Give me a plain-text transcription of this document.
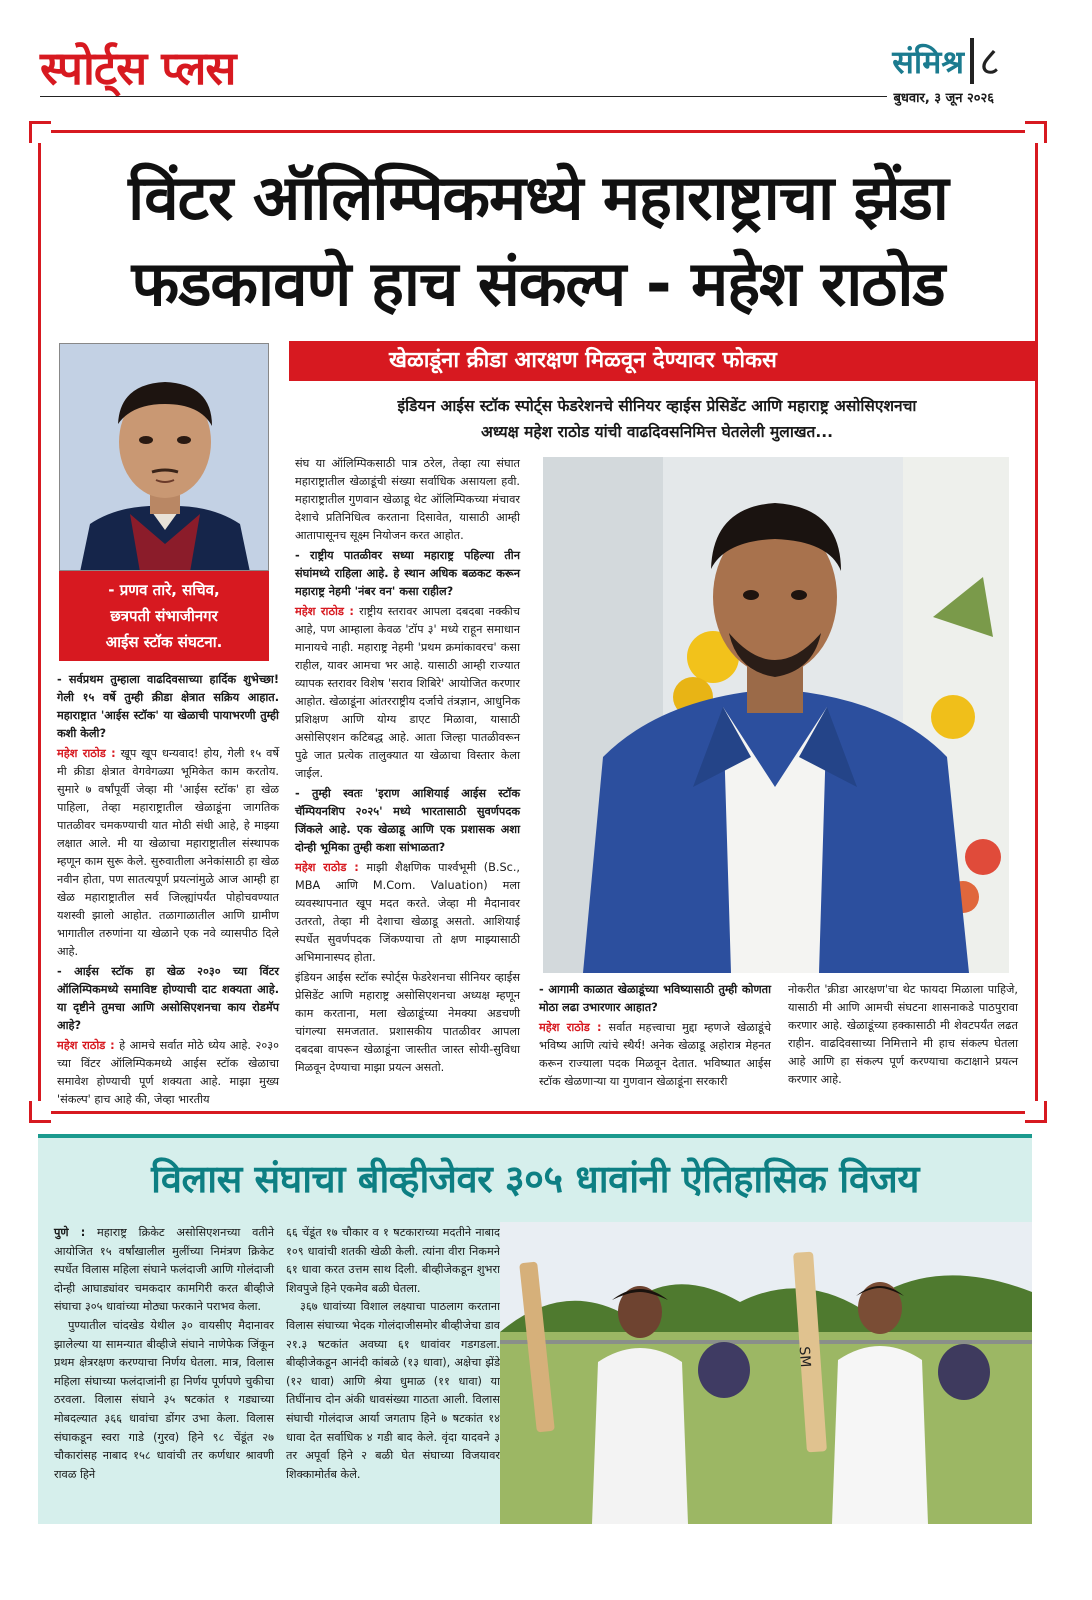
स्पोर्ट्स प्लस	संमिश्र ८
बुधवार, ३ जून २०२६
विंटर ऑलिम्पिकमध्ये महाराष्ट्राचा झेंडा
फडकावणे हाच संकल्प - महेश राठोड
खेळाडूंना क्रीडा आरक्षण मिळवून देण्यावर फोकस
इंडियन आईस स्टॉक स्पोर्ट्स फेडरेशनचे सीनियर व्हाईस प्रेसिडेंट आणि महाराष्ट्र असोसिएशनचा
अध्यक्ष महेश राठोड यांची वाढदिवसनिमित्त घेतलेली मुलाखत...
- प्रणव तारे, सचिव,
छत्रपती संभाजीनगर
आईस स्टॉक संघटना.

- सर्वप्रथम तुम्हाला वाढदिवसाच्या हार्दिक शुभेच्छा! गेली १५ वर्षे तुम्ही क्रीडा क्षेत्रात सक्रिय आहात. महाराष्ट्रात 'आईस स्टॉक' या खेळाची पायाभरणी तुम्ही कशी केली?

महेश राठोड : खूप खूप धन्यवाद! होय, गेली १५ वर्षे मी क्रीडा क्षेत्रात वेगवेगळ्या भूमिकेत काम करतोय. सुमारे ७ वर्षांपूर्वी जेव्हा मी 'आईस स्टॉक' हा खेळ पाहिला, तेव्हा महाराष्ट्रातील खेळाडूंना जागतिक पातळीवर चमकण्याची यात मोठी संधी आहे, हे माझ्या लक्षात आले. मी या खेळाचा महाराष्ट्रातील संस्थापक म्हणून काम सुरू केले. सुरुवातीला अनेकांसाठी हा खेळ नवीन होता, पण सातत्यपूर्ण प्रयत्नांमुळे आज आम्ही हा खेळ महाराष्ट्रातील सर्व जिल्ह्यांपर्यंत पोहोचवण्यात यशस्वी झालो आहोत. तळागाळातील आणि ग्रामीण भागातील तरुणांना या खेळाने एक नवे व्यासपीठ दिले आहे.

- आईस स्टॉक हा खेळ २०३० च्या विंटर ऑलिम्पिकमध्ये समाविष्ट होण्याची दाट शक्यता आहे. या दृष्टीने तुमचा आणि असोसिएशनचा काय रोडमॅप आहे?

महेश राठोड : हे आमचे सर्वात मोठे ध्येय आहे. २०३० च्या विंटर ऑलिम्पिकमध्ये आईस स्टॉक खेळाचा समावेश होण्याची पूर्ण शक्यता आहे. माझा मुख्य 'संकल्प' हाच आहे की, जेव्हा भारतीय

संघ या ऑलिम्पिकसाठी पात्र ठरेल, तेव्हा त्या संघात महाराष्ट्रातील खेळाडूंची संख्या सर्वाधिक असायला हवी. महाराष्ट्रातील गुणवान खेळाडू थेट ऑलिम्पिकच्या मंचावर देशाचे प्रतिनिधित्व करताना दिसावेत, यासाठी आम्ही आतापासूनच सूक्ष्म नियोजन करत आहोत.

- राष्ट्रीय पातळीवर सध्या महाराष्ट्र पहिल्या तीन संघांमध्ये राहिला आहे. हे स्थान अधिक बळकट करून महाराष्ट्र नेहमी 'नंबर वन' कसा राहील?

महेश राठोड : राष्ट्रीय स्तरावर आपला दबदबा नक्कीच आहे, पण आम्हाला केवळ 'टॉप ३' मध्ये राहून समाधान मानायचे नाही. महाराष्ट्र नेहमी 'प्रथम क्रमांकावरच' कसा राहील, यावर आमचा भर आहे. यासाठी आम्ही राज्यात व्यापक स्तरावर विशेष 'सराव शिबिरे' आयोजित करणार आहोत. खेळाडूंना आंतरराष्ट्रीय दर्जाचे तंत्रज्ञान, आधुनिक प्रशिक्षण आणि योग्य डाएट मिळावा, यासाठी असोसिएशन कटिबद्ध आहे. आता जिल्हा पातळीवरून पुढे जात प्रत्येक तालुक्यात या खेळाचा विस्तार केला जाईल.

- तुम्ही स्वतः 'इराण आशियाई आईस स्टॉक चॅम्पियनशिप २०२५' मध्ये भारतासाठी सुवर्णपदक जिंकले आहे. एक खेळाडू आणि एक प्रशासक अशा दोन्ही भूमिका तुम्ही कशा सांभाळता?

महेश राठोड : माझी शैक्षणिक पार्श्वभूमी (B.Sc., MBA आणि M.Com. Valuation) मला व्यवस्थापनात खूप मदत करते. जेव्हा मी मैदानावर उतरतो, तेव्हा मी देशाचा खेळाडू असतो. आशियाई स्पर्धेत सुवर्णपदक जिंकण्याचा तो क्षण माझ्यासाठी अभिमानास्पद होता.

इंडियन आईस स्टॉक स्पोर्ट्स फेडरेशनचा सीनियर व्हाईस प्रेसिडेंट आणि महाराष्ट्र असोसिएशनचा अध्यक्ष म्हणून काम करताना, मला खेळाडूंच्या नेमक्या अडचणी चांगल्या समजतात. प्रशासकीय पातळीवर आपला दबदबा वापरून खेळाडूंना जास्तीत जास्त सोयी-सुविधा मिळवून देण्याचा माझा प्रयत्न असतो.

- आगामी काळात खेळाडूंच्या भविष्यासाठी तुम्ही कोणता मोठा लढा उभारणार आहात?

महेश राठोड : सर्वात महत्त्वाचा मुद्दा म्हणजे खेळाडूंचे भविष्य आणि त्यांचे स्थैर्य! अनेक खेळाडू अहोरात्र मेहनत करून राज्याला पदक मिळवून देतात. भविष्यात आईस स्टॉक खेळणाऱ्या या गुणवान खेळाडूंना सरकारी

नोकरीत 'क्रीडा आरक्षण'चा थेट फायदा मिळाला पाहिजे, यासाठी मी आणि आमची संघटना शासनाकडे पाठपुरावा करणार आहे. खेळाडूंच्या हक्कासाठी मी शेवटपर्यंत लढत राहीन. वाढदिवसाच्या निमित्ताने मी हाच संकल्प घेतला आहे आणि हा संकल्प पूर्ण करण्याचा कटाक्षाने प्रयत्न करणार आहे.

विलास संघाचा बीव्हीजेवर ३०५ धावांनी ऐतिहासिक विजय

पुणे : महाराष्ट्र क्रिकेट असोसिएशनच्या वतीने आयोजित १५ वर्षांखालील मुलींच्या निमंत्रण क्रिकेट स्पर्धेत विलास महिला संघाने फलंदाजी आणि गोलंदाजी दोन्ही आघाड्यांवर चमकदार कामगिरी करत बीव्हीजे संघाचा ३०५ धावांच्या मोठ्या फरकाने पराभव केला.

पुण्यातील चांदखेड येथील ३० वायसीए मैदानावर झालेल्या या सामन्यात बीव्हीजे संघाने नाणेफेक जिंकून प्रथम क्षेत्ररक्षण करण्याचा निर्णय घेतला. मात्र, विलास महिला संघाच्या फलंदाजांनी हा निर्णय पूर्णपणे चुकीचा ठरवला. विलास संघाने ३५ षटकांत १ गड्याच्या मोबदल्यात ३६६ धावांचा डोंगर उभा केला. विलास संघाकडून स्वरा गाडे (गुरव) हिने ९८ चेंडूंत २७ चौकारांसह नाबाद १५८ धावांची तर कर्णधार श्रावणी रावळ हिने

६६ चेंडूंत १७ चौकार व १ षटकाराच्या मदतीने नाबाद १०९ धावांची शतकी खेळी केली. त्यांना वीरा निकमने ६१ धावा करत उत्तम साथ दिली. बीव्हीजेकडून शुभरा शिवपुजे हिने एकमेव बळी घेतला.

३६७ धावांच्या विशाल लक्ष्याचा पाठलाग करताना विलास संघाच्या भेदक गोलंदाजीसमोर बीव्हीजेचा डाव २१.३ षटकांत अवघ्या ६१ धावांवर गडगडला. बीव्हीजेकडून आनंदी कांबळे (१३ धावा), अक्षेचा झेंडे (१२ धावा) आणि श्रेया धुमाळ (११ धावा) या तिघींनाच दोन अंकी धावसंख्या गाठता आली. विलास संघाची गोलंदाज आर्या जगताप हिने ७ षटकांत १४ धावा देत सर्वाधिक ४ गडी बाद केले. वृंदा यादवने ३ तर अपूर्वा हिने २ बळी घेत संघाच्या विजयावर शिक्कामोर्तब केले.

SM
